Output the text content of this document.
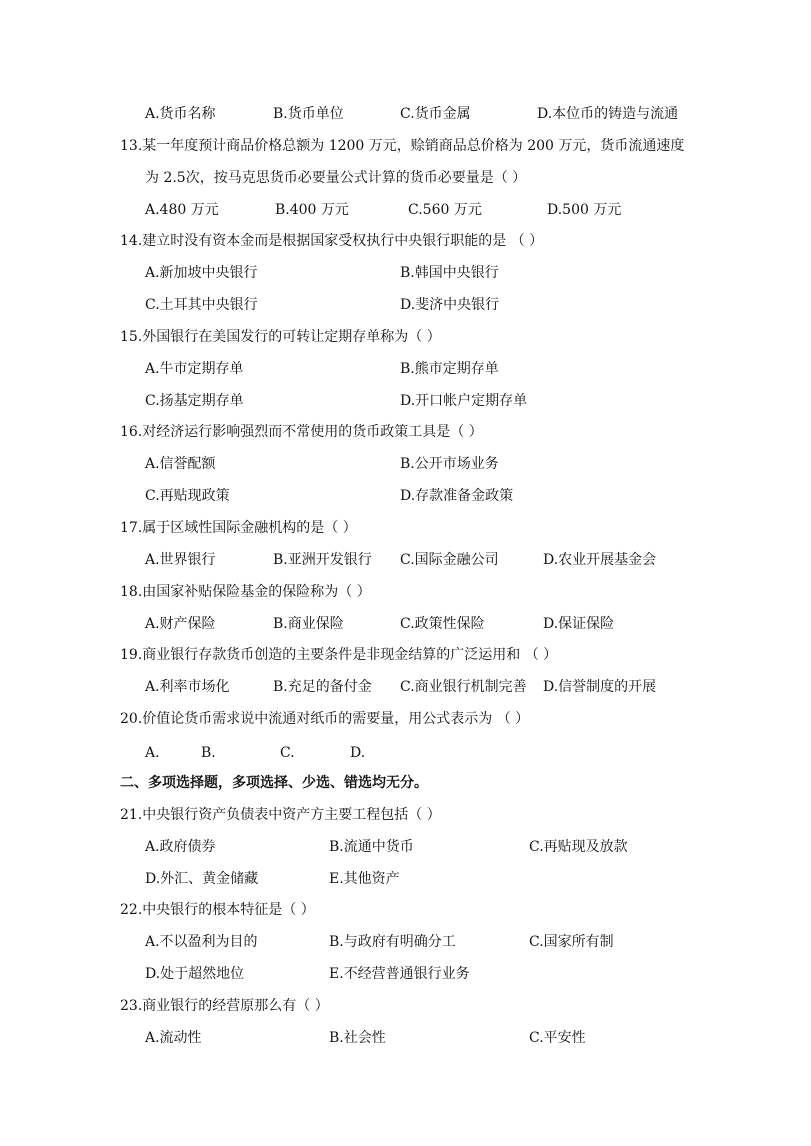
A.货币名称	B.货币单位	C.货币金属	D.本位币的铸造与流通
13.某一年度预计商品价格总额为 1200 万元，赊销商品总价格为 200 万元，货币流通速度
为 2.5次，按马克思货币必要量公式计算的货币必要量是（ ）
A.480 万元	B.400 万元	C.560 万元	D.500 万元
14.建立时没有资本金而是根据国家受权执行中央银行职能的是 （ ）
A.新加坡中央银行	B.韩国中央银行
C.土耳其中央银行	D.斐济中央银行
15.外国银行在美国发行的可转让定期存单称为（ ）
A.牛市定期存单	B.熊市定期存单
C.扬基定期存单	D.开口帐户定期存单
16.对经济运行影响强烈而不常使用的货币政策工具是（ ）
A.信誉配额	B.公开市场业务
C.再贴现政策	D.存款准备金政策
17.属于区域性国际金融机构的是（ ）
A.世界银行	B.亚洲开发银行 C.国际金融公司	D.农业开展基金会
18.由国家补贴保险基金的保险称为（ ）
A.财产保险	B.商业保险	C.政策性保险	D.保证保险
19.商业银行存款货币创造的主要条件是非现金结算的广泛运用和 （ ）
A.利率市场化	B.充足的备付金 C.商业银行机制完善 D.信誉制度的开展
20.价值论货币需求说中流通对纸币的需要量，用公式表示为 （ ）
A.	B.	C.	D.
二、多项选择题，多项选择、少选、错选均无分。
21.中央银行资产负债表中资产方主要工程包括（ ）
A.政府债券	B.流通中货币	C.再贴现及放款
D.外汇、黄金储藏	E.其他资产
22.中央银行的根本特征是（ ）
A.不以盈利为目的	B.与政府有明确分工	C.国家所有制
D.处于超然地位	E.不经营普通银行业务
23.商业银行的经营原那么有（ ）
A.流动性	B.社会性	C.平安性
